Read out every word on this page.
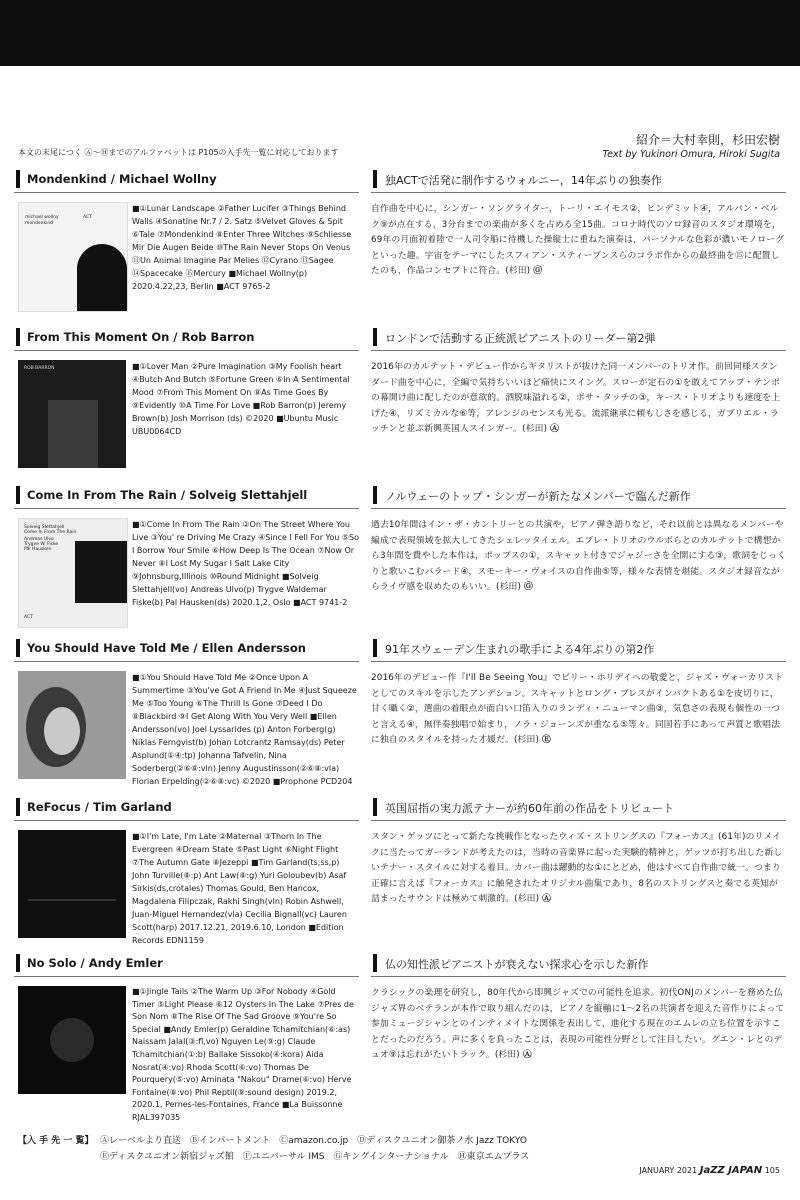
紹介＝大村幸則，杉田宏樹
Text by Yukinori Omura, Hiroki Sugita
本文の末尾につく Ⓐ～Ⓗまでのアルファベットは P105の入手先一覧に対応しております
Mondenkind / Michael Wollny	独ACTで活発に制作するウォルニー，14年ぶりの独奏作
michael wollny
mondenkind
ACT
■①Lunar Landscape ②Father Lucifer ③Things Behind Walls ④Sonatine Nr.7 / 2. Satz ⑤Velvet Gloves & Spit ⑥Tale ⑦Mondenkind ⑧Enter Three Witches ⑨Schliesse Mir Die Augen Beide ⑩The Rain Never Stops On Venus ⑪Un Animal Imagine Par Melies ⑫Cyrano ⑬Sagee ⑭Spacecake ⑮Mercury ■Michael Wollny(p) 2020.4.22,23, Berlin ■ACT 9765-2
自作曲を中心に，シンガー・ソングライター，トーリ・エイモス②，ヒンデミット④，アルバン・ベルク⑨が点在する，3分台までの楽曲が多くを占める全15曲。コロナ時代のソロ録音のスタジオ環境を，69年の月面初着陸で一人司令船に待機した操縦士に重ねた演奏は，パーソナルな色彩が濃いモノローグといった趣。宇宙をテーマにしたスフィアン・スティーブンスらのコラボ作からの最終曲を⑮に配置したのも，作品コンセプトに符合。(杉田) Ⓖ
From This Moment On / Rob Barron	ロンドンで活動する正統派ピアニストのリーダー第2弾
ROB BARRON	■①Lover Man ②Pure Imagination ③My Foolish heart ④Butch And Butch ⑤Fortune Green ⑥In A Sentimental Mood ⑦From This Moment On ⑧As Time Goes By ⑨Evidently ⑩A Time For Love ■Rob Barron(p) Jeremy Brown(b) Josh Morrison (ds) ©2020 ■Ubuntu Music UBU0064CD
2016年のカルテット・デビュー作からギタリストが抜けた同一メンバーのトリオ作。前回同様スタンダード曲を中心に，全編で気持ちいいほど痛快にスイング。スローが定石の①を敢えてアップ・テンポの幕開け曲に配したのが意欲的。洒脱味溢れる②，ボサ・タッチの③，キース・トリオよりも速度を上げた④，リズミカルな⑥等，アレンジのセンスも光る。流派継承に頼もしさを感じる，ガブリエル・ラッチンと並ぶ新興英国人スインガー。(杉田) Ⓐ
Come In From The Rain / Solveig Slettahjell	ノルウェーのトップ・シンガーが新たなメンバーで臨んだ新作
Solveig Slettahjell
Come In From The Rain
Andreas Ulvo
Trygve W. Fiske
Pål Hausken
ACT
■①Come In From The Rain ②On The Street Where You Live ③You' re Driving Me Crazy ④Since I Fell For You ⑤So I Borrow Your Smile ⑥How Deep Is The Ocean ⑦Now Or Never ⑧I Lost My Sugar I Salt Lake City ⑨Johnsburg,Illinois ⑩Round Midnight ■Solveig Slettahjell(vo) Andreas Ulvo(p) Trygve Waldemar Fiske(b) Pal Hausken(ds) 2020.1,2, Oslo ■ACT 9741-2
過去10年間はイン・ザ・カントリーとの共演や，ピアノ弾き語りなど，それ以前とは異なるメンバーや編成で表現領域を拡大してきたシェレッタイェル。エブレ・トリオのウルボらとのカルテットで構想から3年間を費やした本作は，ポップスの①，スキャット付きでジャジーさを全開にする③，歌詞をじっくりと歌いこむバラード④，スモーキー・ヴォイスの自作曲⑤等，様々な表情を堪能。スタジオ録音ながらライヴ感を収めたのもいい。(杉田) Ⓖ
You Should Have Told Me / Ellen Andersson	91年スウェーデン生まれの歌手による4年ぶりの第2作
■①You Should Have Told Me ②Once Upon A Summertime ③You've Got A Friend In Me ④Just Squeeze Me ⑤Too Young ⑥The Thrill Is Gone ⑦Deed I Do ⑧Blackbird ⑨I Get Along With You Very Well ■Ellen Andersson(vo) Joel Lyssarides (p) Anton Forberg(g) Niklas Ferngvist(b) Johan Lotcrantz Ramsay(ds) Peter Asplund(①④:tp) Johanna Tafvelin, Nina Soderberg(②⑥⑧:vln) Jenny Augustinsson(②⑥⑧:vla) Florian Erpelding(②⑥⑧:vc) ©2020 ■Prophone PCD204
2016年のデビュー作『I'll Be Seeing You』でビリー・ホリデイへの敬愛と，ジャズ・ヴォーカリストとしてのスキルを示したアンデション。スキャットとロング・ブレスがインパクトある①を皮切りに，甘く囁く②，選曲の着眼点が面白い口笛入りのランディ・ニューマン曲③，気怠さの表現も個性の一つと言える④，無伴奏独唱で始まり，ノラ・ジョーンズが重なる⑤等々。同国若手にあって声質と歌唱法に独自のスタイルを持った才媛だ。(杉田) Ⓔ
ReFocus / Tim Garland	英国屈指の実力派テナーが約60年前の作品をトリビュート
■①I'm Late, I'm Late ②Maternal ③Thorn In The Evergreen ④Dream State ⑤Past Light ⑥Night Flight ⑦The Autumn Gate ⑧Jezeppi ■Tim Garland(ts,ss,p) John Turville(⑧:p) Ant Law(⑧:g) Yuri Goloubev(b) Asaf Sirkis(ds,crotales) Thomas Gould, Ben Hancox, Magdalena Filipczak, Rakhi Singh(vln) Robin Ashwell, Juan-Miguel Hernandez(vla) Cecilia Bignall(vc) Lauren Scott(harp) 2017.12.21, 2019.6.10, London ■Edition Records EDN1159
スタン・ゲッツにとって新たな挑戦作となったウィズ・ストリングスの『フォーカス』(61年)のリメイクに当たってガーランドが考えたのは，当時の音楽界に起った実験的精神と，ゲッツが打ち出した新しいテナー・スタイルに対する着目。カバー曲は躍動的な①にとどめ，他はすべて自作曲で統一。つまり正確に言えば『フォーカス』に触発されたオリジナル曲集であり，8名のストリングスと奏でる英知が詰まったサウンドは極めて刺激的。(杉田) Ⓐ
No Solo / Andy Emler	仏の知性派ピアニストが衰えない探求心を示した新作
■①Jingle Tails ②The Warm Up ③For Nobody ④Gold Timer ⑤Light Please ⑥12 Oysters In The Lake ⑦Pres de Son Nom ⑧The Rise Of The Sad Groove ⑨You're So Special ■Andy Emler(p) Geraldine Tchamitchian(⑥:as) Naissam Jalal(③:fl,vo) Nguyen Le(⑨:g) Claude Tchamitchian(①:b) Ballake Sissoko(④:kora) Aida Nosrat(④:vo) Rhoda Scott(⑥:vo) Thomas De Pourquery(⑤:vo) Aminata "Nakou" Drame(⑥:vo) Herve Fontaine(⑧:vo) Phil Reptil(⑨:sound design) 2019.2, 2020.1, Pernes-les-Fontaines, France ■La Buissonne RJAL397035
クラシックの楽理を研究し，80年代から即興ジャズでの可能性を追求。初代ONJのメンバーを務めた仏ジャズ界のベテランが本作で取り組んだのは，ピアノを縦軸に1～2名の共演者を迎えた音作りによって参加ミュージシャンとのインティメイトな関係を表出して，進化する現在のエムレの立ち位置を示すことだったのだろう。声に多くを負ったことは，表現の可能性分野として注目したい。グエン・レとのデュオ⑨は忘れがたいトラック。(杉田) Ⓐ
【入 手 先 一 覧】 Ⓐレーベルより直送　Ⓑインパートメント　Ⓒamazon.co.jp　Ⓓディスクユニオン御茶ノ水 Jazz TOKYO
Ⓔディスクユニオン新宿ジャズ館　Ⓕユニバーサル IMS　Ⓖキングインターナショナル　Ⓗ東京エムプラス
JANUARY 2021 JaZZ JAPAN 105
